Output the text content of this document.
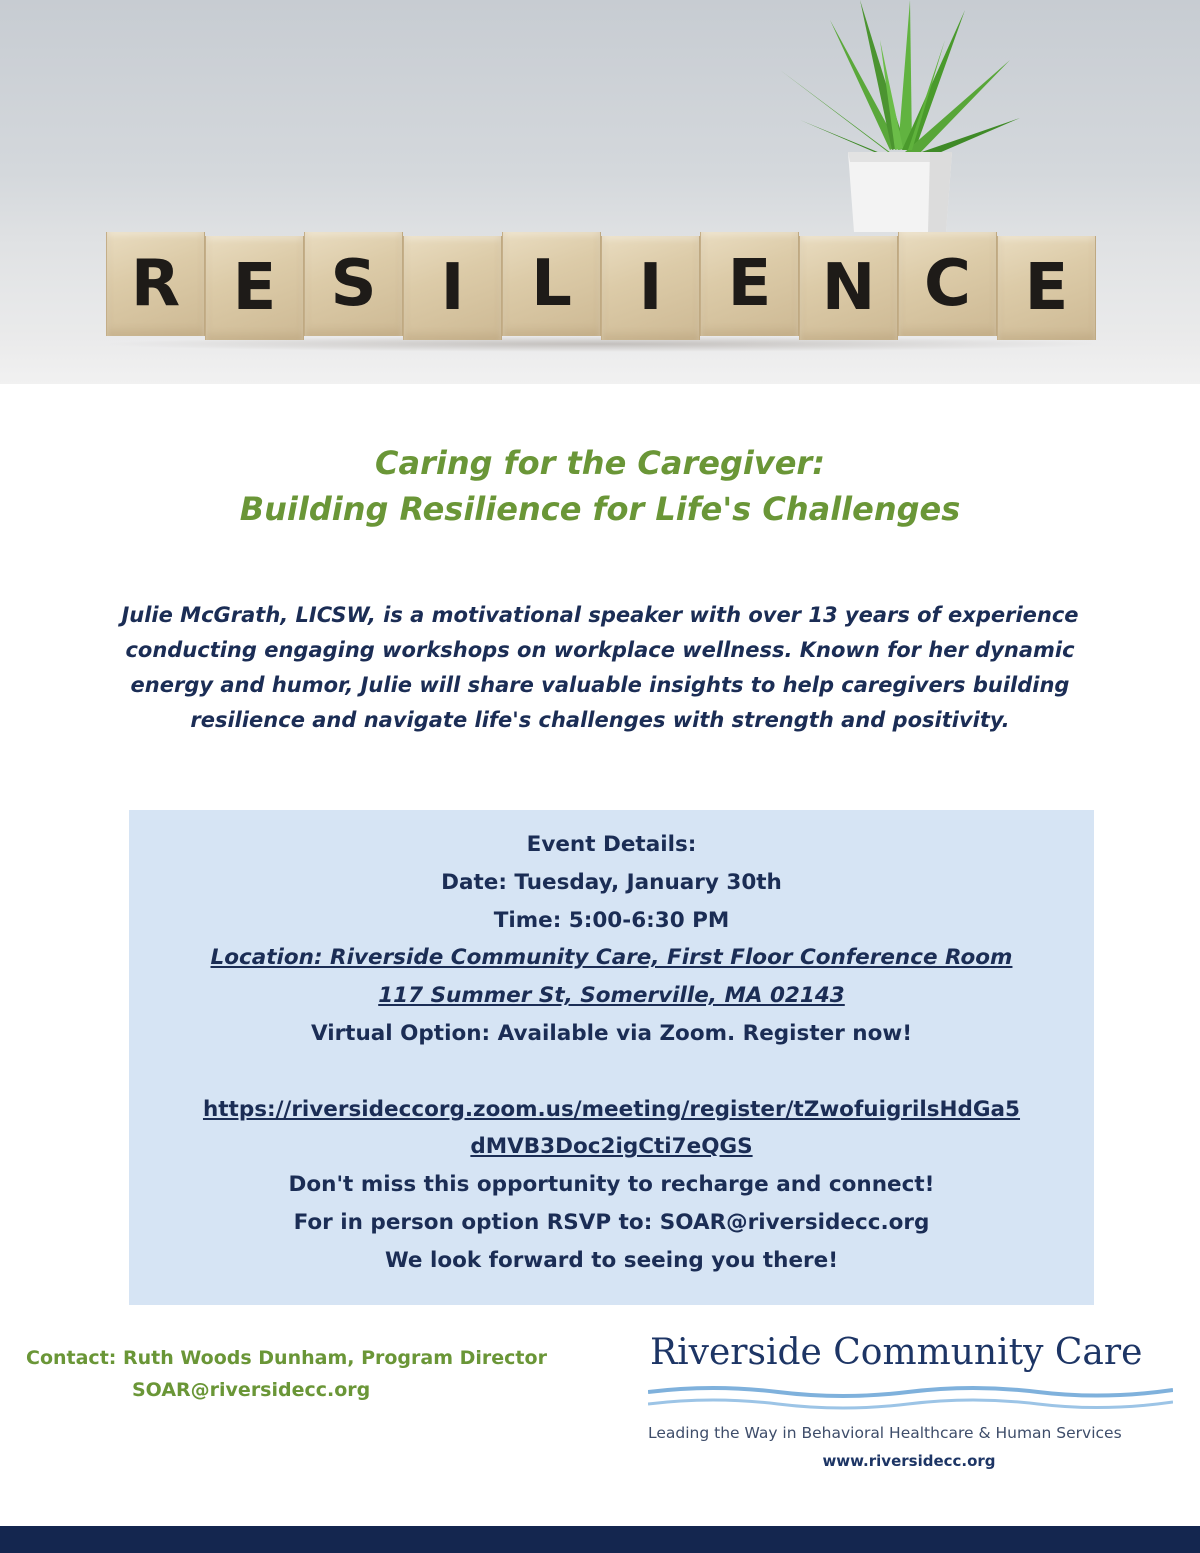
R E S	I	L	I	E N C E
Caring for the Caregiver:
Building Resilience for Life's Challenges

Julie McGrath, LICSW, is a motivational speaker with over 13 years of experience conducting engaging workshops on workplace wellness. Known for her dynamic energy and humor, Julie will share valuable insights to help caregivers building resilience and navigate life's challenges with strength and positivity.

Event Details:
Date: Tuesday, January 30th
Time: 5:00-6:30 PM
Location: Riverside Community Care, First Floor Conference Room
117 Summer St, Somerville, MA 02143
Virtual Option: Available via Zoom. Register now!
https://riversideccorg.zoom.us/meeting/register/tZwofuigrilsHdGa5
dMVB3Doc2igCti7eQGS
Don't miss this opportunity to recharge and connect!
For in person option RSVP to: SOAR@riversidecc.org
We look forward to seeing you there!
Contact: Ruth Woods Dunham, Program Director
SOAR@riversidecc.org
Riverside Community Care
Leading the Way in Behavioral Healthcare & Human Services
www.riversidecc.org
